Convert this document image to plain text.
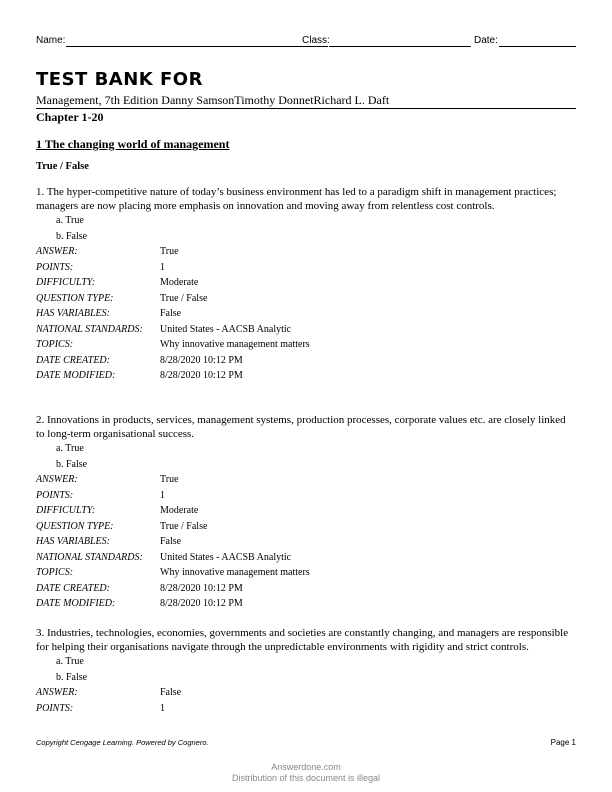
Name:	Class:	Date:
TEST BANK FOR
Management, 7th Edition Danny SamsonTimothy DonnetRichard L. Daft
Chapter 1-20
1 The changing world of management
True / False

1. The hyper-competitive nature of today’s business environment has led to a paradigm shift in management practices; managers are now placing more emphasis on innovation and moving away from relentless cost controls.

a. True
b. False
ANSWER:	True
POINTS:	1
DIFFICULTY:	Moderate
QUESTION TYPE:	True / False
HAS VARIABLES:	False
NATIONAL STANDARDS:	United States - AACSB Analytic
TOPICS:	Why innovative management matters
DATE CREATED:	8/28/2020 10:12 PM
DATE MODIFIED:	8/28/2020 10:12 PM

2. Innovations in products, services, management systems, production processes, corporate values etc. are closely linked to long-term organisational success.

a. True
b. False
ANSWER:	True
POINTS:	1
DIFFICULTY:	Moderate
QUESTION TYPE:	True / False
HAS VARIABLES:	False
NATIONAL STANDARDS:	United States - AACSB Analytic
TOPICS:	Why innovative management matters
DATE CREATED:	8/28/2020 10:12 PM
DATE MODIFIED:	8/28/2020 10:12 PM

3. Industries, technologies, economies, governments and societies are constantly changing, and managers are responsible for helping their organisations navigate through the unpredictable environments with rigidity and strict controls.

a. True
b. False
ANSWER:	False
POINTS:	1
Copyright Cengage Learning. Powered by Cognero.	Page 1
Answerdone.com
Distribution of this document is illegal
